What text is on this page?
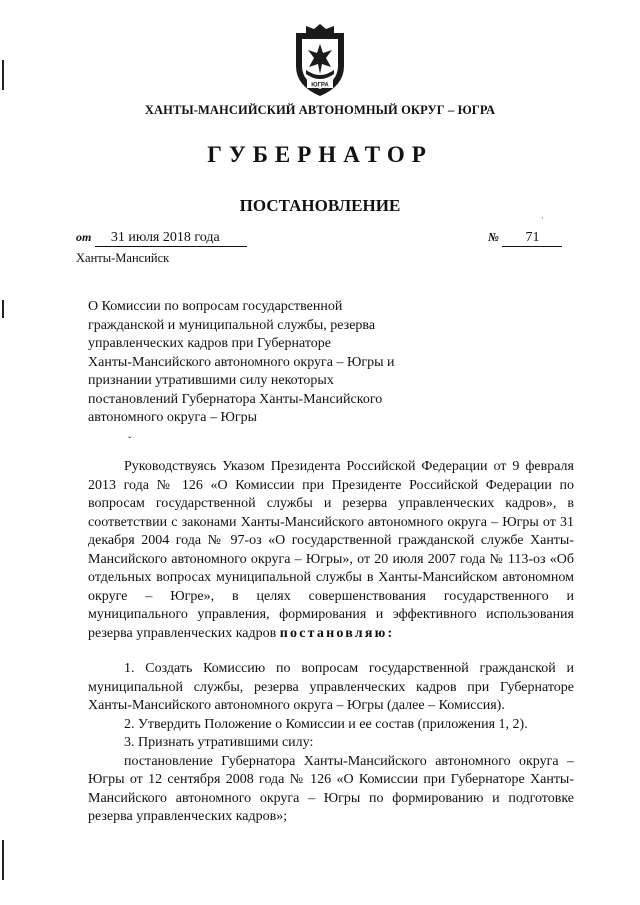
ЮГРА
ХАНТЫ-МАНСИЙСКИЙ АВТОНОМНЫЙ ОКРУГ – ЮГРА
ГУБЕРНАТОР
ПОСТАНОВЛЕНИЕ
·
от 31 июля 2018 года	№ 71
Ханты-Мансийск
О Комиссии по вопросам государственной
гражданской и муниципальной службы, резерва
управленческих кадров при Губернаторе
Ханты-Мансийского автономного округа – Югры и
признании утратившими силу некоторых
постановлений Губернатора Ханты-Мансийского
автономного округа – Югры
ˇ

Руководствуясь Указом Президента Российской Федерации от 9 февраля 2013 года № 126 «О Комиссии при Президенте Российской Федерации по вопросам государственной службы и резерва управленческих кадров», в соответствии с законами Ханты-Мансийского автономного округа – Югры от 31 декабря 2004 года № 97-оз «О государственной гражданской службе Ханты-Мансийского автономного округа – Югры», от 20 июля 2007 года № 113-оз «Об отдельных вопросах муниципальной службы в Ханты-Мансийском автономном округе – Югре», в целях совершенствования государственного и муниципального управления, формирования и эффективного использования резерва управленческих кадров постановляю:

1. Создать Комиссию по вопросам государственной гражданской и муниципальной службы, резерва управленческих кадров при Губернаторе Ханты-Мансийского автономного округа – Югры (далее – Комиссия).

2. Утвердить Положение о Комиссии и ее состав (приложения 1, 2).

3. Признать утратившими силу:

постановление Губернатора Ханты-Мансийского автономного округа – Югры от 12 сентября 2008 года № 126 «О Комиссии при Губернаторе Ханты-Мансийского автономного округа – Югры по формированию и подготовке резерва управленческих кадров»;
